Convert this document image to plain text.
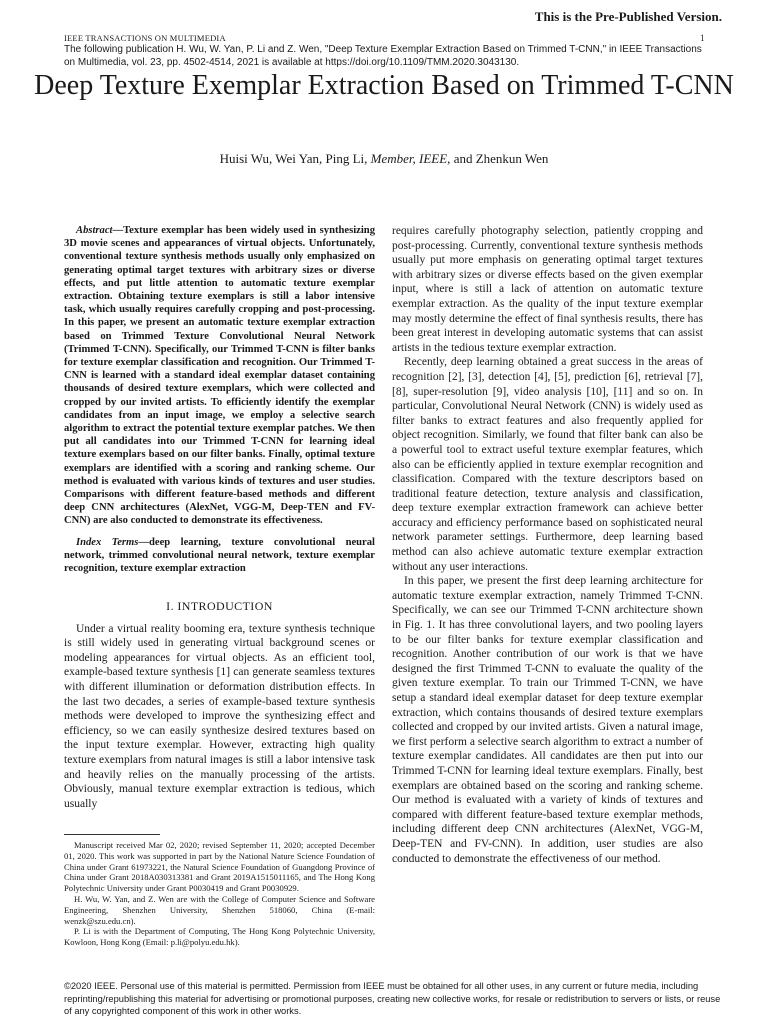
This is the Pre-Published Version.
IEEE TRANSACTIONS ON MULTIMEDIA	1
The following publication H. Wu, W. Yan, P. Li and Z. Wen, "Deep Texture Exemplar Extraction Based on Trimmed T-CNN," in IEEE Transactions on Multimedia, vol. 23, pp. 4502-4514, 2021 is available at https://doi.org/10.1109/TMM.2020.3043130.
Deep Texture Exemplar Extraction Based on Trimmed T-CNN
Huisi Wu, Wei Yan, Ping Li, Member, IEEE, and Zhenkun Wen

Abstract—Texture exemplar has been widely used in synthesizing 3D movie scenes and appearances of virtual objects. Unfortunately, conventional texture synthesis methods usually only emphasized on generating optimal target textures with arbitrary sizes or diverse effects, and put little attention to automatic texture exemplar extraction. Obtaining texture exemplars is still a labor intensive task, which usually requires carefully cropping and post-processing. In this paper, we present an automatic texture exemplar extraction based on Trimmed Texture Convolutional Neural Network (Trimmed T-CNN). Specifically, our Trimmed T-CNN is filter banks for texture exemplar classification and recognition. Our Trimmed T-CNN is learned with a standard ideal exemplar dataset containing thousands of desired texture exemplars, which were collected and cropped by our invited artists. To efficiently identify the exemplar candidates from an input image, we employ a selective search algorithm to extract the potential texture exemplar patches. We then put all candidates into our Trimmed T-CNN for learning ideal texture exemplars based on our filter banks. Finally, optimal texture exemplars are identified with a scoring and ranking scheme. Our method is evaluated with various kinds of textures and user studies. Comparisons with different feature-based methods and different deep CNN architectures (AlexNet, VGG-M, Deep-TEN and FV-CNN) are also conducted to demonstrate its effectiveness.

Index Terms—deep learning, texture convolutional neural network, trimmed convolutional neural network, texture exemplar recognition, texture exemplar extraction

I. INTRODUCTION

Under a virtual reality booming era, texture synthesis technique is still widely used in generating virtual background scenes or modeling appearances for virtual objects. As an efficient tool, example-based texture synthesis [1] can generate seamless textures with different illumination or deformation distribution effects. In the last two decades, a series of example-based texture synthesis methods were developed to improve the synthesizing effect and efficiency, so we can easily synthesize desired textures based on the input texture exemplar. However, extracting high quality texture exemplars from natural images is still a labor intensive task and heavily relies on the manually processing of the artists. Obviously, manual texture exemplar extraction is tedious, which usually

requires carefully photography selection, patiently cropping and post-processing. Currently, conventional texture synthesis methods usually put more emphasis on generating optimal target textures with arbitrary sizes or diverse effects based on the given exemplar input, where is still a lack of attention on automatic texture exemplar extraction. As the quality of the input texture exemplar may mostly determine the effect of final synthesis results, there has been great interest in developing automatic systems that can assist artists in the tedious texture exemplar extraction.

Recently, deep learning obtained a great success in the areas of recognition [2], [3], detection [4], [5], prediction [6], retrieval [7], [8], super-resolution [9], video analysis [10], [11] and so on. In particular, Convolutional Neural Network (CNN) is widely used as filter banks to extract features and also frequently applied for object recognition. Similarly, we found that filter bank can also be a powerful tool to extract useful texture exemplar features, which also can be efficiently applied in texture exemplar recognition and classification. Compared with the texture descriptors based on traditional feature detection, texture analysis and classification, deep texture exemplar extraction framework can achieve better accuracy and efficiency performance based on sophisticated neural network parameter settings. Furthermore, deep learning based method can also achieve automatic texture exemplar extraction without any user interactions.

In this paper, we present the first deep learning architecture for automatic texture exemplar extraction, namely Trimmed T-CNN. Specifically, we can see our Trimmed T-CNN architecture shown in Fig. 1. It has three convolutional layers, and two pooling layers to be our filter banks for texture exemplar classification and recognition. Another contribution of our work is that we have designed the first Trimmed T-CNN to evaluate the quality of the given texture exemplar. To train our Trimmed T-CNN, we have setup a standard ideal exemplar dataset for deep texture exemplar extraction, which contains thousands of desired texture exemplars collected and cropped by our invited artists. Given a natural image, we first perform a selective search algorithm to extract a number of texture exemplar candidates. All candidates are then put into our Trimmed T-CNN for learning ideal texture exemplars. Finally, best exemplars are obtained based on the scoring and ranking scheme. Our method is evaluated with a variety of kinds of textures and compared with different feature-based texture exemplar methods, including different deep CNN architectures (AlexNet, VGG-M, Deep-TEN and FV-CNN). In addition, user studies are also conducted to demonstrate the effectiveness of our method.

Manuscript received Mar 02, 2020; revised September 11, 2020; accepted December 01, 2020. This work was supported in part by the National Nature Science Foundation of China under Grant 61973221, the Natural Science Foundation of Guangdong Province of China under Grant 2018A030313381 and Grant 2019A1515011165, and The Hong Kong Polytechnic University under Grant P0030419 and Grant P0030929.

H. Wu, W. Yan, and Z. Wen are with the College of Computer Science and Software Engineering, Shenzhen University, Shenzhen 518060, China (E-mail: wenzk@szu.edu.cn).

P. Li is with the Department of Computing, The Hong Kong Polytechnic University, Kowloon, Hong Kong (Email: p.li@polyu.edu.hk).

©2020 IEEE. Personal use of this material is permitted. Permission from IEEE must be obtained for all other uses, in any current or future media, including reprinting/republishing this material for advertising or promotional purposes, creating new collective works, for resale or redistribution to servers or lists, or reuse of any copyrighted component of this work in other works.
